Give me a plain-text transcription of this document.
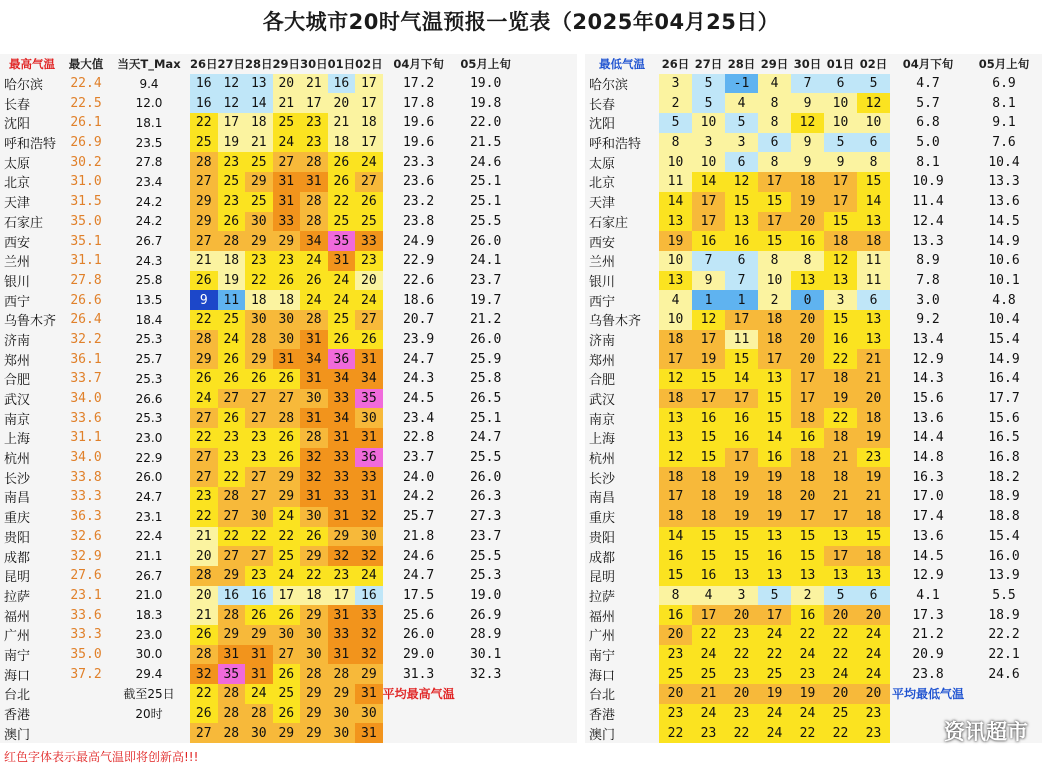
各大城市20时气温预报一览表（2025年04月25日）
最高气温	最大值	当天T_Max	26日	27日	28日	29日	30日	01日	02日	04月下旬	05月上旬
哈尔滨	22.4	9.4	16	12	13	20	21	16	17	17.2	19.0
长春	22.5	12.0	16	12	14	21	17	20	17	17.8	19.8
沈阳	26.1	18.1	22	17	18	25	23	21	18	19.6	22.0
呼和浩特	26.9	23.5	25	19	21	24	23	18	17	19.6	21.5
太原	30.2	27.8	28	23	25	27	28	26	24	23.3	24.6
北京	31.0	23.4	27	25	29	31	31	26	27	23.6	25.1
天津	31.5	24.2	29	23	25	31	28	22	26	23.2	25.1
石家庄	35.0	24.2	29	26	30	33	28	25	25	23.8	25.5
西安	35.1	26.7	27	28	29	29	34	35	33	24.9	26.0
兰州	31.1	24.3	21	18	23	23	24	31	23	22.9	24.1
银川	27.8	25.8	26	19	22	26	26	24	20	22.6	23.7
西宁	26.6	13.5	9	11	18	18	24	24	24	18.6	19.7
乌鲁木齐	26.4	18.4	22	25	30	30	28	25	27	20.7	21.2
济南	32.2	25.3	28	24	28	30	31	26	26	23.9	26.0
郑州	36.1	25.7	29	26	29	31	34	36	31	24.7	25.9
合肥	33.7	25.3	26	26	26	26	31	34	34	24.3	25.8
武汉	34.0	26.6	24	27	27	27	30	33	35	24.5	26.5
南京	33.6	25.3	27	26	27	28	31	34	30	23.4	25.1
上海	31.1	23.0	22	23	23	26	28	31	31	22.8	24.7
杭州	34.0	22.9	27	23	23	26	32	33	36	23.7	25.5
长沙	33.8	26.0	27	22	27	29	32	33	33	24.0	26.0
南昌	33.3	24.7	23	28	27	29	31	33	31	24.2	26.3
重庆	36.3	23.1	22	27	30	24	30	31	32	25.7	27.3
贵阳	32.6	22.4	21	22	22	22	26	29	30	21.8	23.7
成都	32.9	21.1	20	27	27	25	29	32	32	24.6	25.5
昆明	27.6	26.7	28	29	23	24	22	23	24	24.7	25.3
拉萨	23.1	21.0	20	16	16	17	18	17	16	17.5	19.0
福州	33.6	18.3	21	28	26	26	29	31	33	25.6	26.9
广州	33.3	23.0	26	29	29	30	30	33	32	26.0	28.9
南宁	35.0	30.0	28	31	31	27	30	31	32	29.0	30.1
海口	37.2	29.4	32	35	31	26	28	28	29	31.3	32.3
台北		截至25日	22	28	24	25	29	29	31	平均最高气温	
香港		20时	26	28	28	26	29	30	30		
澳门			27	28	30	29	29	30	31		
最低气温	26日	27日	28日	29日	30日	01日	02日	04月下旬	05月上旬
哈尔滨	3	5	-1	4	7	6	5	4.7	6.9
长春	2	5	4	8	9	10	12	5.7	8.1
沈阳	5	10	5	8	12	10	10	6.8	9.1
呼和浩特	8	3	3	6	9	5	6	5.0	7.6
太原	10	10	6	8	9	9	8	8.1	10.4
北京	11	14	12	17	18	17	15	10.9	13.3
天津	14	17	15	15	19	17	14	11.4	13.6
石家庄	13	17	13	17	20	15	13	12.4	14.5
西安	19	16	16	15	16	18	18	13.3	14.9
兰州	10	7	6	8	8	12	11	8.9	10.6
银川	13	9	7	10	13	13	11	7.8	10.1
西宁	4	1	1	2	0	3	6	3.0	4.8
乌鲁木齐	10	12	17	18	20	15	13	9.2	10.4
济南	18	17	11	18	20	16	13	13.4	15.4
郑州	17	19	15	17	20	22	21	12.9	14.9
合肥	12	15	14	13	17	18	21	14.3	16.4
武汉	18	17	17	15	17	19	20	15.6	17.7
南京	13	16	16	15	18	22	18	13.6	15.6
上海	13	15	16	14	16	18	19	14.4	16.5
杭州	12	15	17	16	18	21	23	14.8	16.8
长沙	18	18	19	19	18	18	19	16.3	18.2
南昌	17	18	19	18	20	21	21	17.0	18.9
重庆	18	18	19	19	17	17	18	17.4	18.8
贵阳	14	15	15	13	15	13	15	13.6	15.4
成都	16	15	15	16	15	17	18	14.5	16.0
昆明	15	16	13	13	13	13	13	12.9	13.9
拉萨	8	4	3	5	2	5	6	4.1	5.5
福州	16	17	20	17	16	20	20	17.3	18.9
广州	20	22	23	24	22	22	24	21.2	22.2
南宁	23	24	22	22	24	22	24	20.9	22.1
海口	25	25	23	25	23	24	24	23.8	24.6
台北	20	21	20	19	19	20	20	平均最低气温	
香港	23	24	23	24	24	25	23		
澳门	22	23	22	24	22	22	23		
红色字体表示最高气温即将创新高!!!
资讯超市
